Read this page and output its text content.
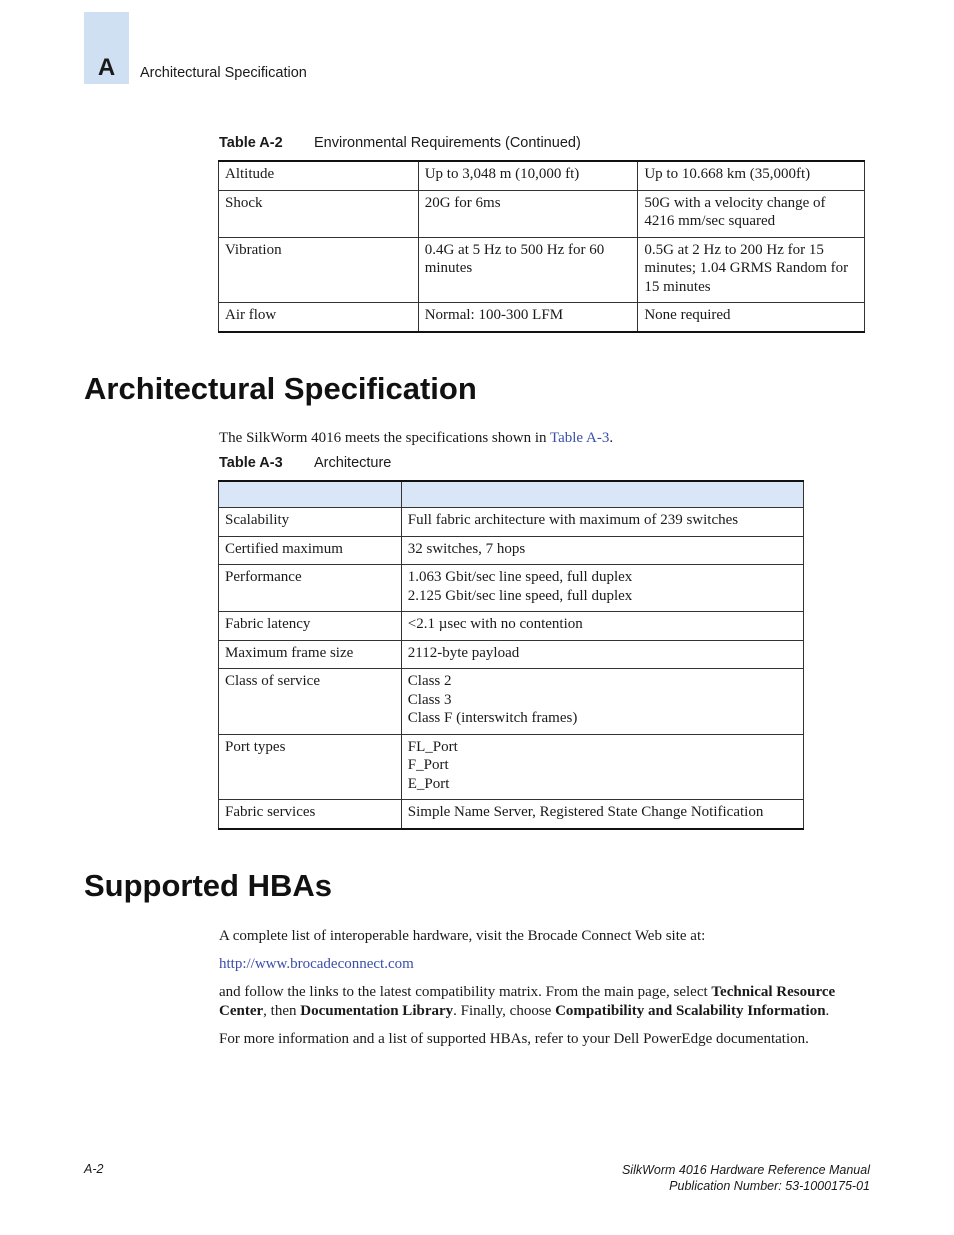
A	Architectural Specification
Table A-2 Environmental Requirements (Continued)
Altitude	Up to 3,048 m (10,000 ft)	Up to 10.668 km (35,000ft)

Shock	20G for 6ms	50G with a velocity change of
4216 mm/sec squared

Vibration	0.4G at 5 Hz to 500 Hz for 60
minutes	0.5G at 2 Hz to 200 Hz for 15
minutes; 1.04 GRMS Random for
15 minutes

Air flow	Normal: 100-300 LFM	None required
Architectural Specification

The SilkWorm 4016 meets the specifications shown in Table A-3.

Table A-3 Architecture

Scalability	Full fabric architecture with maximum of 239 switches

Certified maximum	32 switches, 7 hops

Performance	1.063 Gbit/sec line speed, full duplex
2.125 Gbit/sec line speed, full duplex

Fabric latency	<2.1 µsec with no contention

Maximum frame size	2112-byte payload

Class of service	Class 2
Class 3
Class F (interswitch frames)

Port types	FL_Port
F_Port
E_Port

Fabric services	Simple Name Server, Registered State Change Notification
Supported HBAs

A complete list of interoperable hardware, visit the Brocade Connect Web site at:

http://www.brocadeconnect.com

and follow the links to the latest compatibility matrix. From the main page, select Technical Resource Center, then Documentation Library. Finally, choose Compatibility and Scalability Information.

For more information and a list of supported HBAs, refer to your Dell PowerEdge documentation.

A-2	SilkWorm 4016 Hardware Reference Manual
Publication Number: 53-1000175-01
